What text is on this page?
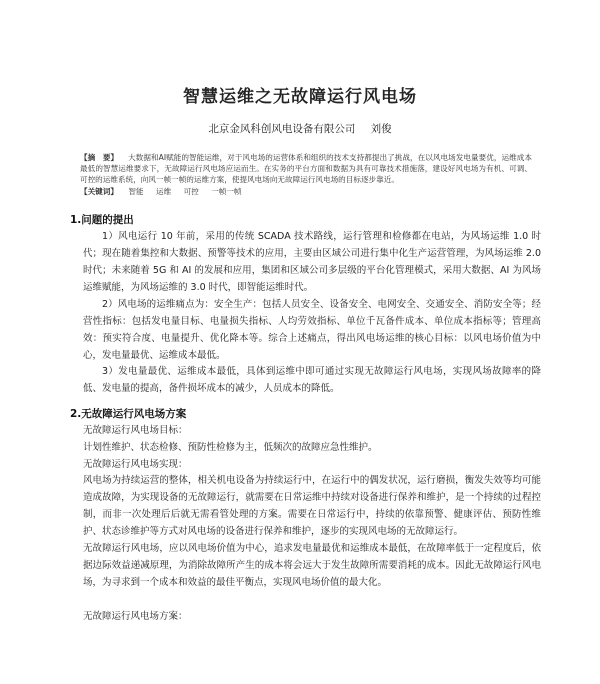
智慧运维之无故障运行风电场
北京金风科创风电设备有限公司 刘俊
【摘　要】 大数据和AI赋能的智能运维，对于风电场的运营体系和组织的技术支持都提出了挑战，在以风电场发电量要优，运维成本最低的智慧运维要求下，无故障运行风电场应运而生。在实务的平台方面和数据为具有可靠技术措施落，建设好风电场为有机、可调、可控的运维系统，向风一帧一帧的运维方案，使提风电场向无故障运行风电场的目标逐步靠近。
【关键词】 智能 运维 可控 一帧一帧
1.问题的提出
1）风电运行 10 年前，采用的传统 SCADA 技术路线，运行管理和检修都在电站，为风场运维 1.0 时代；现在随着集控和大数据、预警等技术的应用，主要由区域公司进行集中化生产运营管理，为风场运维 2.0 时代；未来随着 5G 和 AI 的发展和应用，集团和区域公司多层级的平台化管理模式，采用大数据、AI 为风场运维赋能，为风场运维的 3.0 时代，即智能运维时代。
2）风电场的运维痛点为：安全生产：包括人员安全、设备安全、电网安全、交通安全、消防安全等；经营性指标：包括发电量目标、电量损失指标、人均劳效指标、单位千瓦备件成本、单位成本指标等；管理高效：预实符合度、电量提升、优化降本等。综合上述痛点，得出风电场运维的核心目标：以风电场价值为中心，发电量最优、运维成本最低。
3）发电量最优、运维成本最低，具体到运维中即可通过实现无故障运行风电场，实现风场故障率的降低、发电量的提高，备件损坏成本的减少，人员成本的降低。
2.无故障运行风电场方案
无故障运行风电场目标：
计划性维护、状态检修、预防性检修为主，低频次的故障应急性维护。
无故障运行风电场实现：
风电场为持续运营的整体，相关机电设备为持续运行中，在运行中的偶发状况，运行磨损，衡发失效等均可能造成故障，为实现设备的无故障运行，就需要在日常运维中持续对设备进行保养和维护，是一个持续的过程控制，而非一次处理后后就无需看管处理的方案。需要在日常运行中，持续的依靠预警、健康评估、预防性维护、状态诊维护等方式对风电场的设备进行保养和维护，逐步的实现风电场的无故障运行。
无故障运行风电场，应以风电场价值为中心，追求发电量最优和运维成本最低，在故障率低于一定程度后，依据边际效益递减原理，为消除故障所产生的成本将会远大于发生故障所需要消耗的成本。因此无故障运行风电场，为寻求到一个成本和效益的最佳平衡点，实现风电场价值的最大化。
无故障运行风电场方案：
